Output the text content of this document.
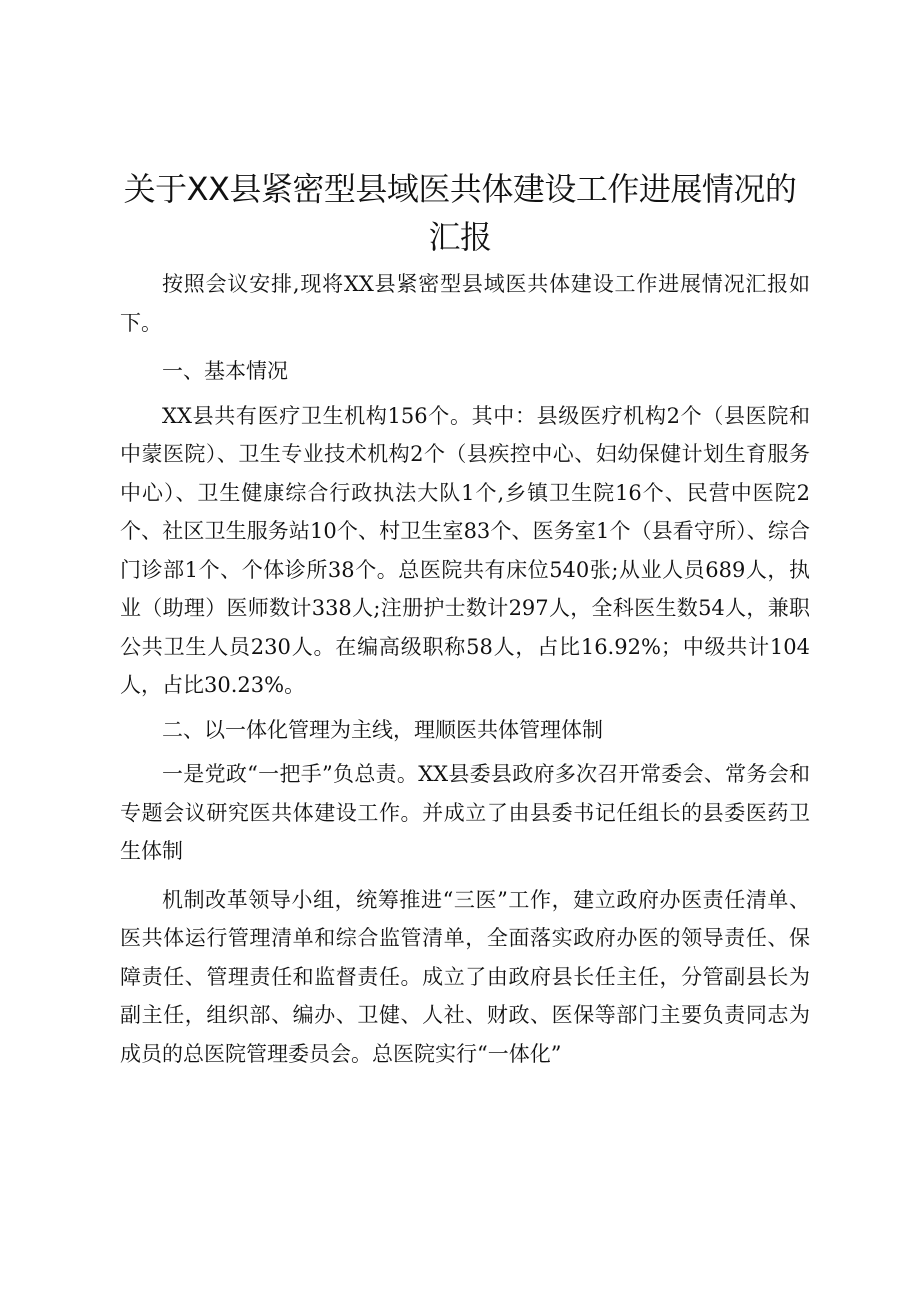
关于XX县紧密型县域医共体建设工作进展情况的汇报

按照会议安排,现将XX县紧密型县域医共体建设工作进展情况汇报如下。

一、基本情况

XX县共有医疗卫生机构156个。其中：县级医疗机构2个（县医院和中蒙医院）、卫生专业技术机构2个（县疾控中心、妇幼保健计划生育服务中心）、卫生健康综合行政执法大队1个,乡镇卫生院16个、民营中医院2个、社区卫生服务站10个、村卫生室83个、医务室1个（县看守所）、综合门诊部1个、个体诊所38个。总医院共有床位540张;从业人员689人，执业（助理）医师数计338人;注册护士数计297人，全科医生数54人，兼职公共卫生人员230人。在编高级职称58人，占比16.92%；中级共计104人，占比30.23%。

二、以一体化管理为主线，理顺医共体管理体制

一是党政“一把手”负总责。XX县委县政府多次召开常委会、常务会和专题会议研究医共体建设工作。并成立了由县委书记任组长的县委医药卫生体制

机制改革领导小组，统筹推进“三医”工作，建立政府办医责任清单、医共体运行管理清单和综合监管清单，全面落实政府办医的领导责任、保障责任、管理责任和监督责任。成立了由政府县长任主任，分管副县长为副主任，组织部、编办、卫健、人社、财政、医保等部门主要负责同志为成员的总医院管理委员会。总医院实行“一体化”
